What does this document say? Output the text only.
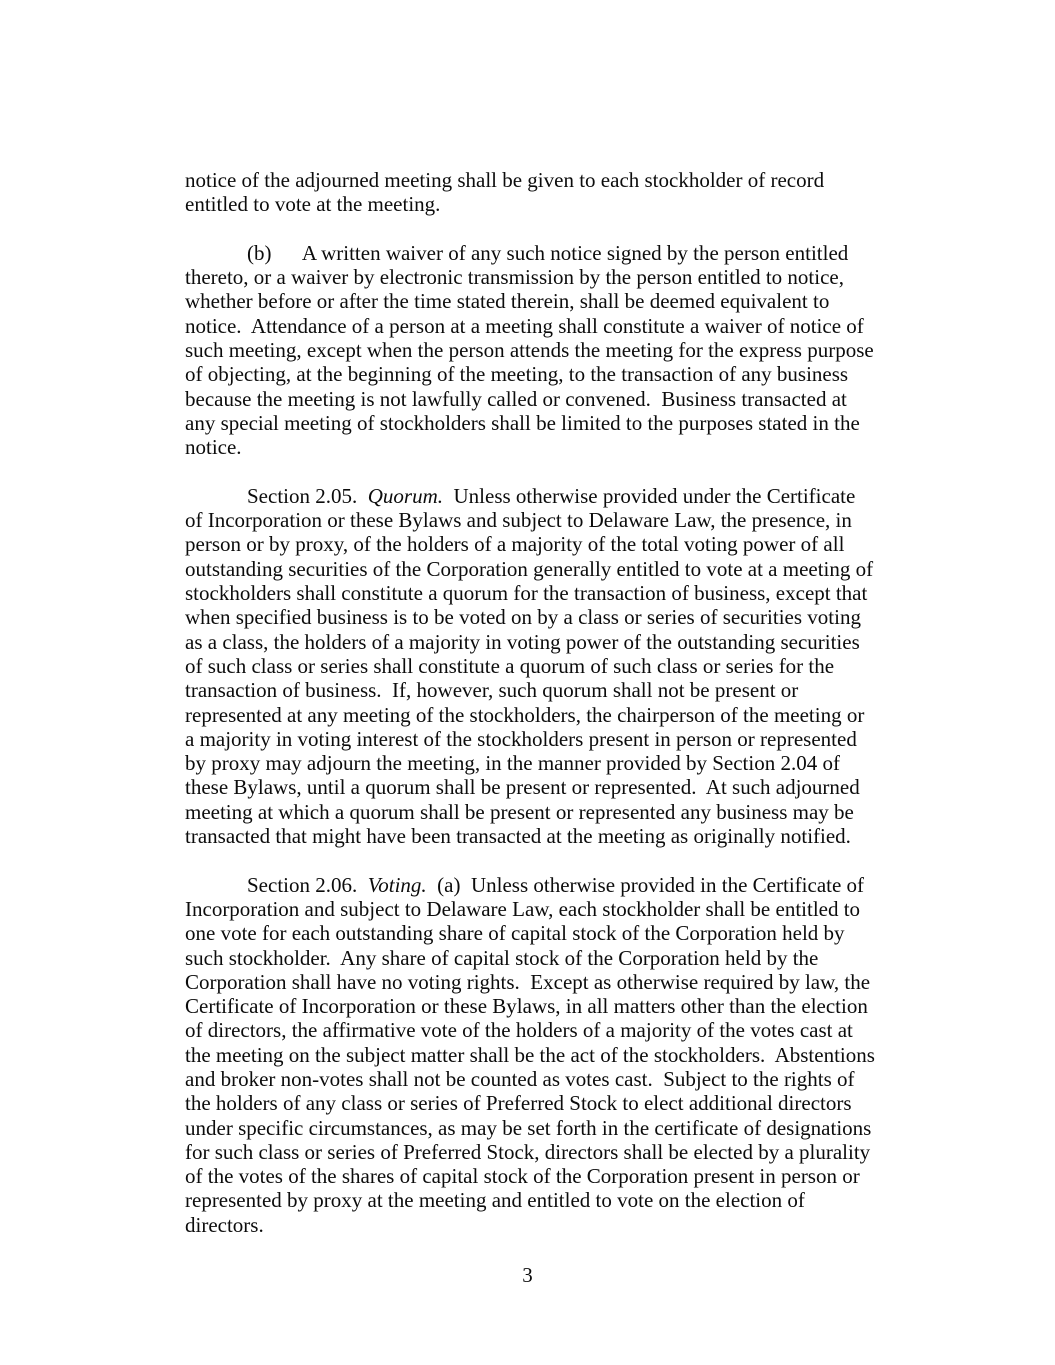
notice of the adjourned meeting shall be given to each stockholder of record entitled to vote at the meeting.

(b)      A written waiver of any such notice signed by the person entitled thereto, or a waiver by electronic transmission by the person entitled to notice, whether before or after the time stated therein, shall be deemed equivalent to notice.  Attendance of a person at a meeting shall constitute a waiver of notice of such meeting, except when the person attends the meeting for the express purpose of objecting, at the beginning of the meeting, to the transaction of any business because the meeting is not lawfully called or convened.  Business transacted at any special meeting of stockholders shall be limited to the purposes stated in the notice.

Section 2.05.  Quorum.  Unless otherwise provided under the Certificate of Incorporation or these Bylaws and subject to Delaware Law, the presence, in person or by proxy, of the holders of a majority of the total voting power of all outstanding securities of the Corporation generally entitled to vote at a meeting of stockholders shall constitute a quorum for the transaction of business, except that when specified business is to be voted on by a class or series of securities voting as a class, the holders of a majority in voting power of the outstanding securities of such class or series shall constitute a quorum of such class or series for the transaction of business.  If, however, such quorum shall not be present or represented at any meeting of the stockholders, the chairperson of the meeting or a majority in voting interest of the stockholders present in person or represented by proxy may adjourn the meeting, in the manner provided by Section 2.04 of these Bylaws, until a quorum shall be present or represented.  At such adjourned meeting at which a quorum shall be present or represented any business may be transacted that might have been transacted at the meeting as originally notified.

Section 2.06.  Voting.  (a)  Unless otherwise provided in the Certificate of Incorporation and subject to Delaware Law, each stockholder shall be entitled to one vote for each outstanding share of capital stock of the Corporation held by such stockholder.  Any share of capital stock of the Corporation held by the Corporation shall have no voting rights.  Except as otherwise required by law, the Certificate of Incorporation or these Bylaws, in all matters other than the election of directors, the affirmative vote of the holders of a majority of the votes cast at the meeting on the subject matter shall be the act of the stockholders.  Abstentions and broker non-votes shall not be counted as votes cast.  Subject to the rights of the holders of any class or series of Preferred Stock to elect additional directors under specific circumstances, as may be set forth in the certificate of designations for such class or series of Preferred Stock, directors shall be elected by a plurality of the votes of the shares of capital stock of the Corporation present in person or represented by proxy at the meeting and entitled to vote on the election of directors.

3
